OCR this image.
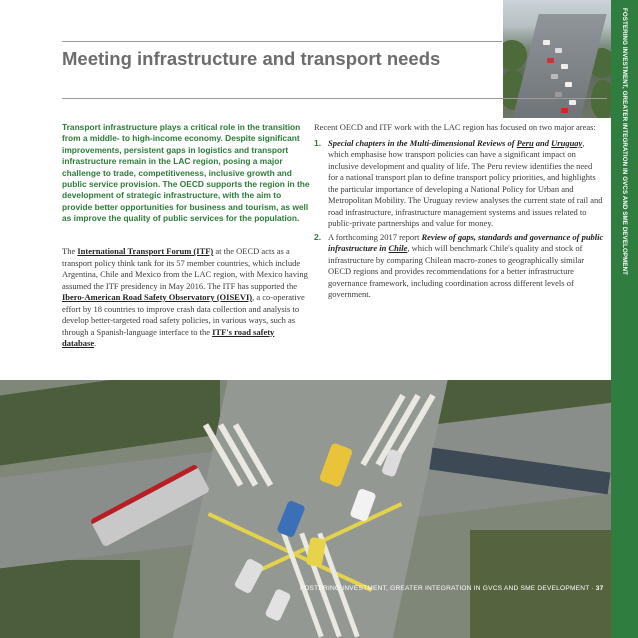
FOSTERING INVESTMENT, GREATER INTEGRATION IN GVCS AND SME DEVELOPMENT
Meeting infrastructure and transport needs

Transport infrastructure plays a critical role in the transition from a middle- to high-income economy. Despite significant improvements, persistent gaps in logistics and transport infrastructure remain in the LAC region, posing a major challenge to trade, competitiveness, inclusive growth and public service provision. The OECD supports the region in the development of strategic infrastructure, with the aim to provide better opportunities for business and tourism, as well as improve the quality of public services for the population.

The International Transport Forum (ITF) at the OECD acts as a transport policy think tank for its 57 member countries, which include Argentina, Chile and Mexico from the LAC region, with Mexico having assumed the ITF presidency in May 2016. The ITF has supported the Ibero-American Road Safety Observatory (OISEVI), a co-operative effort by 18 countries to improve crash data collection and analysis to develop better-targeted road safety policies, in various ways, such as through a Spanish-language interface to the ITF's road safety database.

Recent OECD and ITF work with the LAC region has focused on two major areas:

1. Special chapters in the Multi-dimensional Reviews of Peru and Uruguay, which emphasise how transport policies can have a significant impact on inclusive development and quality of life. The Peru review identifies the need for a national transport plan to define transport policy priorities, and highlights the particular importance of developing a National Policy for Urban and Metropolitan Mobility. The Uruguay review analyses the current state of rail and road infrastructure, infrastructure management systems and issues related to public-private partnerships and value for money.
2. A forthcoming 2017 report Review of gaps, standards and governance of public infrastructure in Chile, which will benchmark Chile's quality and stock of infrastructure by comparing Chilean macro-zones to geographically similar OECD regions and provides recommendations for a better infrastructure governance framework, including coordination across different levels of government.
FOSTERING INVESTMENT, GREATER INTEGRATION IN GVCS AND SME DEVELOPMENT · 37
